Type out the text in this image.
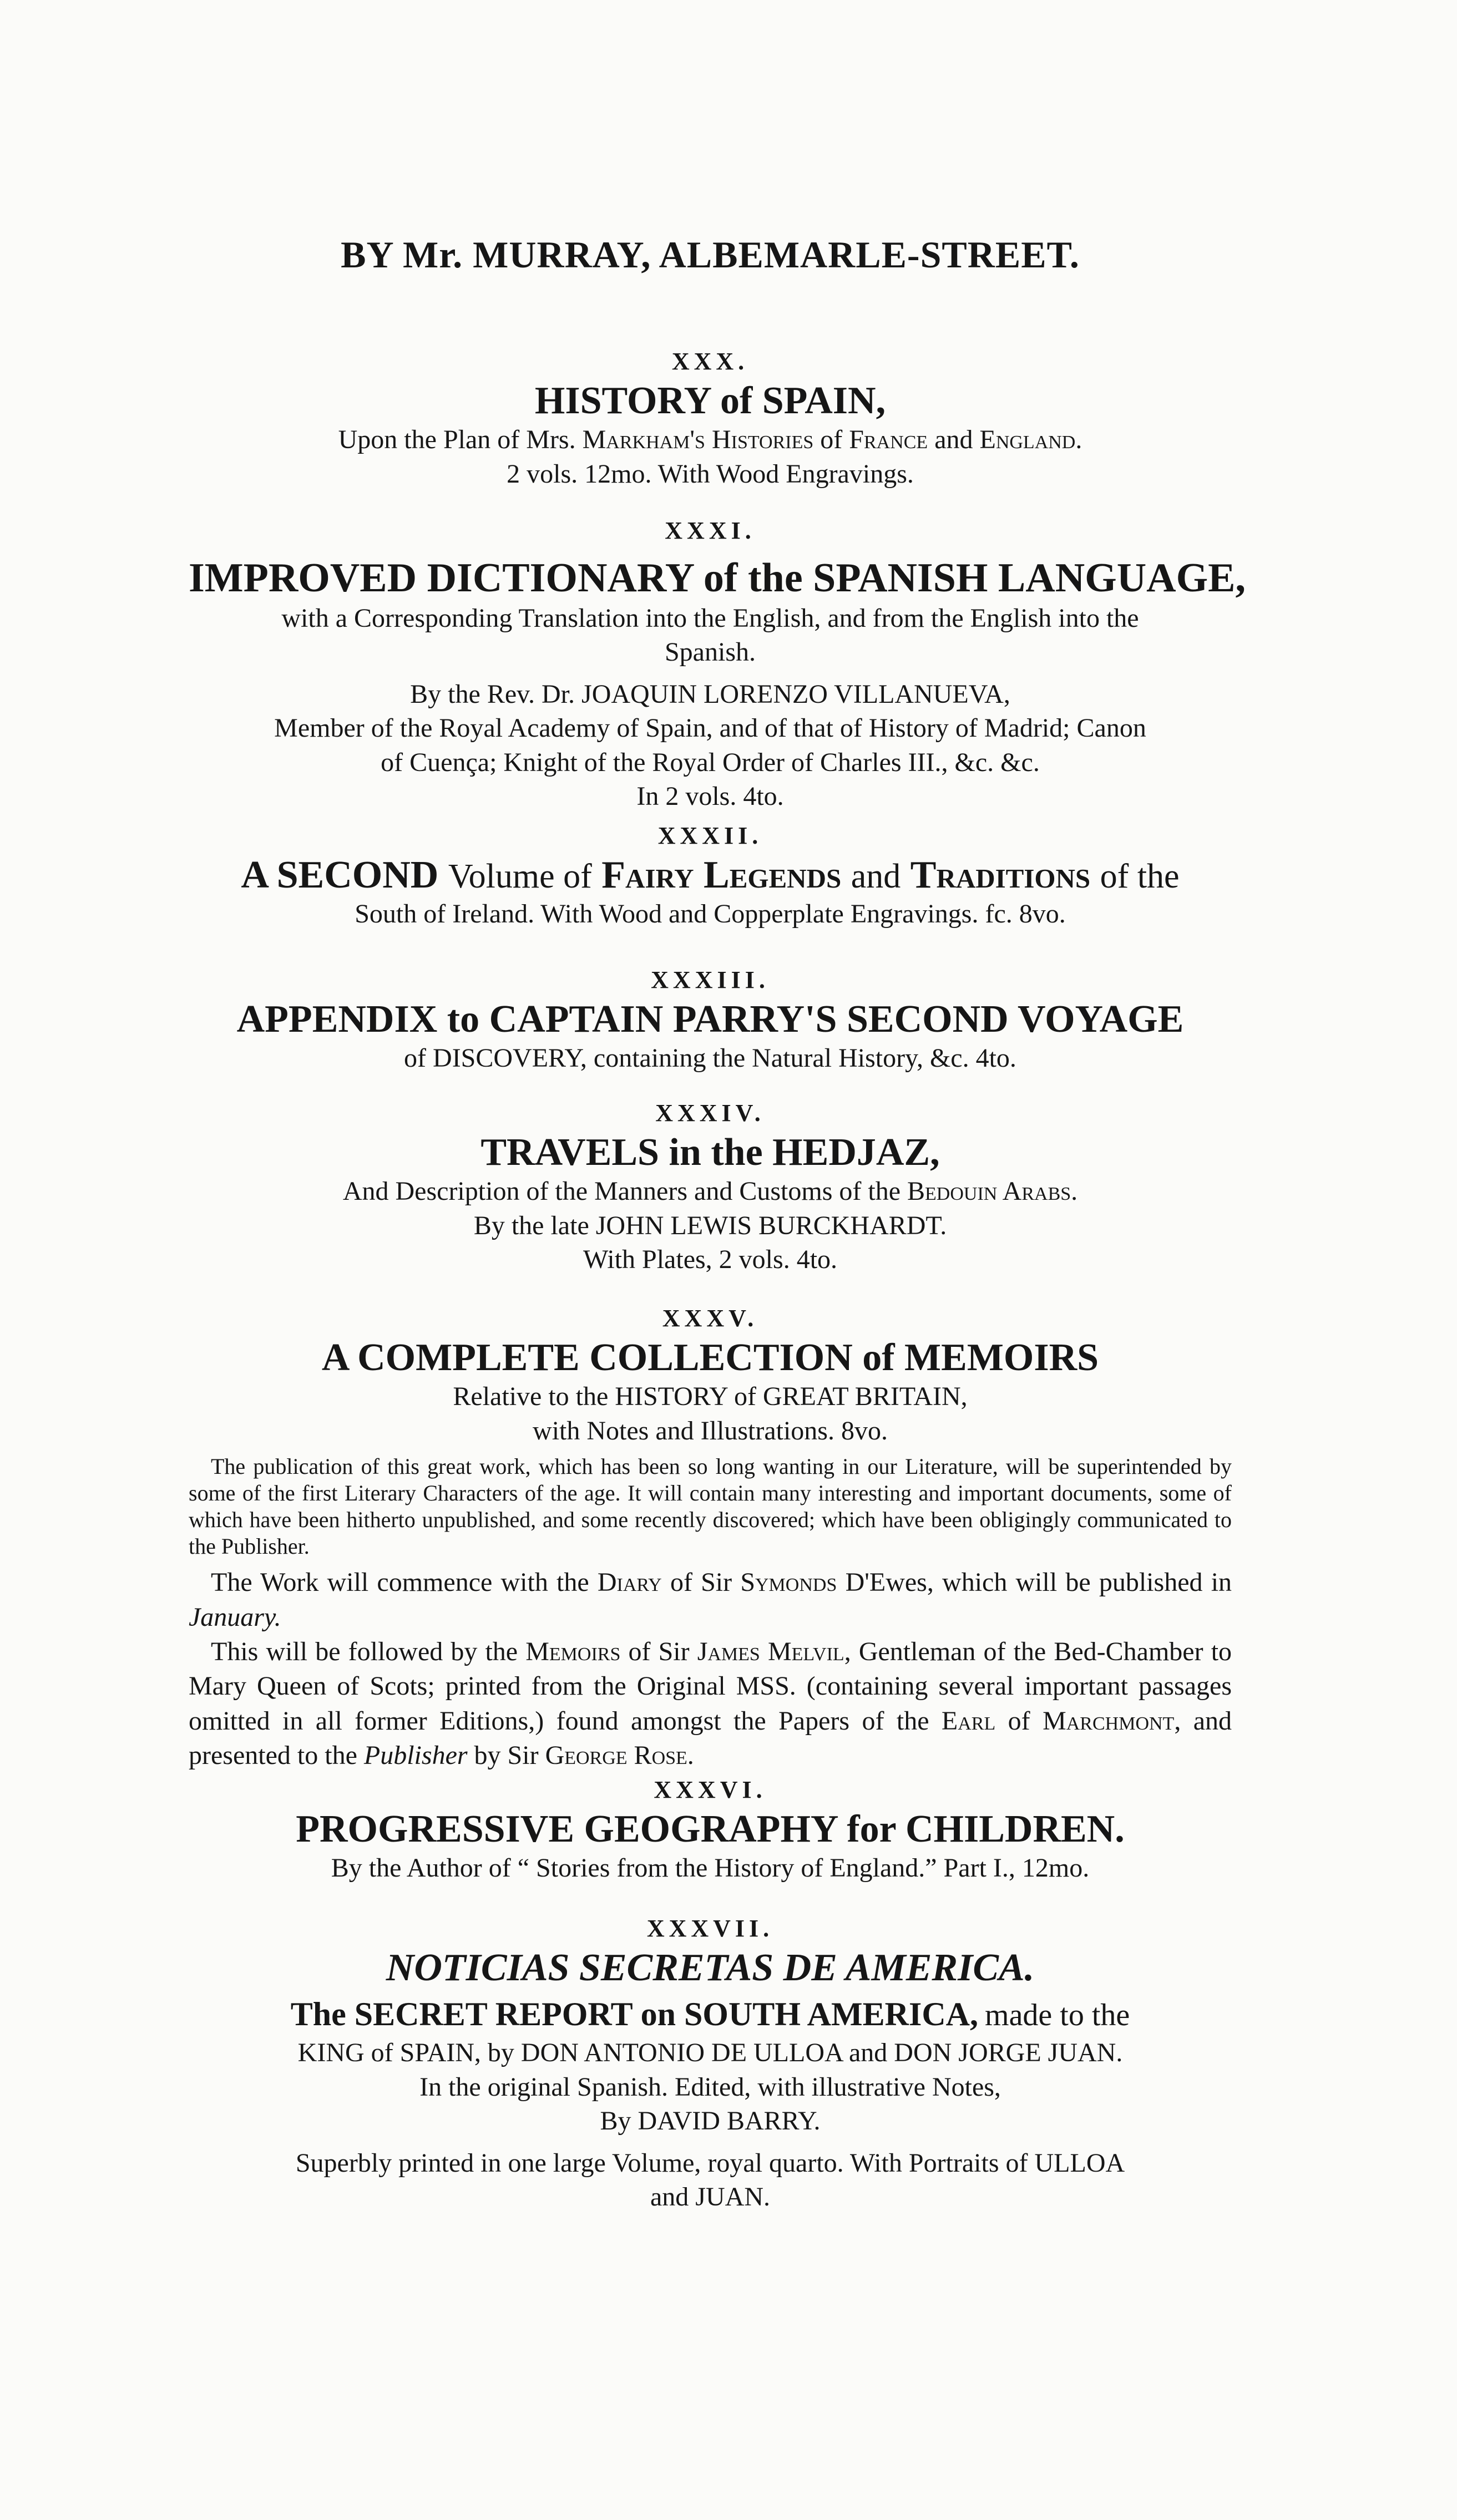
BY Mr. MURRAY, ALBEMARLE-STREET.

XXX.

HISTORY of SPAIN,

Upon the Plan of Mrs. Markham's Histories of France and England.

2 vols. 12mo. With Wood Engravings.

XXXI.

IMPROVED DICTIONARY of the SPANISH LANGUAGE,

with a Corresponding Translation into the English, and from the English into the

Spanish.

By the Rev. Dr. JOAQUIN LORENZO VILLANUEVA,

Member of the Royal Academy of Spain, and of that of History of Madrid; Canon

of Cuença; Knight of the Royal Order of Charles III., &c. &c.

In 2 vols. 4to.

XXXII.

A SECOND Volume of Fairy Legends and Traditions of the

South of Ireland. With Wood and Copperplate Engravings. fc. 8vo.

XXXIII.

APPENDIX to CAPTAIN PARRY'S SECOND VOYAGE

of DISCOVERY, containing the Natural History, &c. 4to.

XXXIV.

TRAVELS in the HEDJAZ,

And Description of the Manners and Customs of the Bedouin Arabs.

By the late JOHN LEWIS BURCKHARDT.

With Plates, 2 vols. 4to.

XXXV.

A COMPLETE COLLECTION of MEMOIRS

Relative to the HISTORY of GREAT BRITAIN,

with Notes and Illustrations. 8vo.

The publication of this great work, which has been so long wanting in our Literature, will be superintended by some of the first Literary Characters of the age. It will contain many interesting and important documents, some of which have been hitherto unpublished, and some recently discovered; which have been obligingly communicated to the Publisher.

The Work will commence with the Diary of Sir Symonds D'Ewes, which will be published in January.

This will be followed by the Memoirs of Sir James Melvil, Gentleman of the Bed-Chamber to Mary Queen of Scots; printed from the Original MSS. (containing several important passages omitted in all former Editions,) found amongst the Papers of the Earl of Marchmont, and presented to the Publisher by Sir George Rose.

XXXVI.

PROGRESSIVE GEOGRAPHY for CHILDREN.

By the Author of “ Stories from the History of England.” Part I., 12mo.

XXXVII.

NOTICIAS SECRETAS DE AMERICA.

The SECRET REPORT on SOUTH AMERICA, made to the

KING of SPAIN, by DON ANTONIO DE ULLOA and DON JORGE JUAN.

In the original Spanish. Edited, with illustrative Notes,

By DAVID BARRY.

Superbly printed in one large Volume, royal quarto. With Portraits of ULLOA

and JUAN.
